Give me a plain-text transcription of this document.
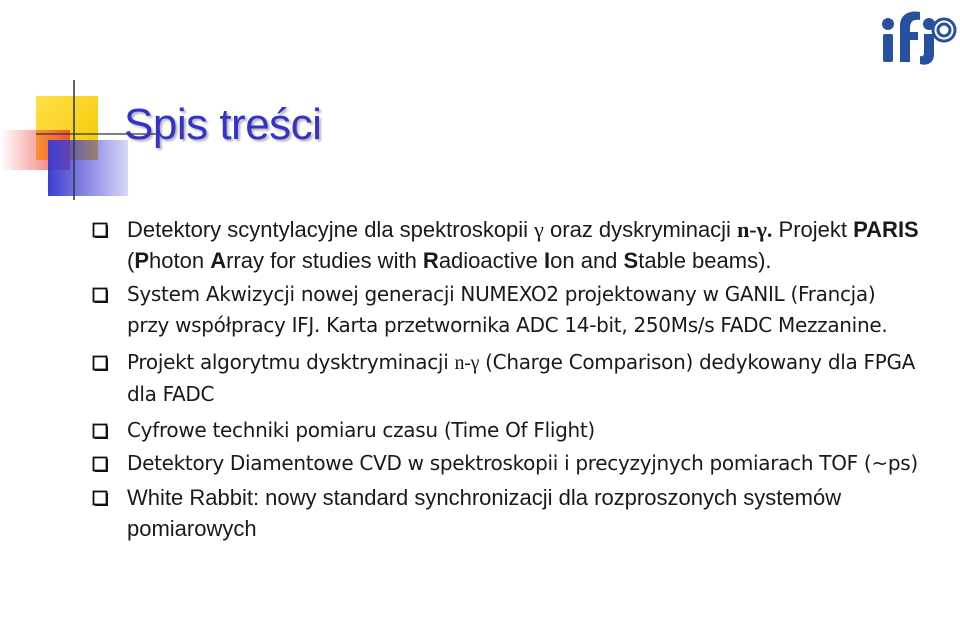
Spis treści
Detektory scyntylacyjne dla spektroskopii γ oraz dyskryminacji n-γ. Projekt PARIS (Photon Array for studies with Radioactive Ion and Stable beams).
System Akwizycji nowej generacji NUMEXO2 projektowany w GANIL (Francja) przy współpracy IFJ. Karta przetwornika ADC 14-bit, 250Ms/s FADC Mezzanine.
Projekt algorytmu dysktryminacji n-γ (Charge Comparison) dedykowany dla FPGA dla FADC
Cyfrowe techniki pomiaru czasu (Time Of Flight)
Detektory Diamentowe CVD w spektroskopii i precyzyjnych pomiarach TOF (~ps)
White Rabbit: nowy standard synchronizacji dla rozproszonych systemów pomiarowych
